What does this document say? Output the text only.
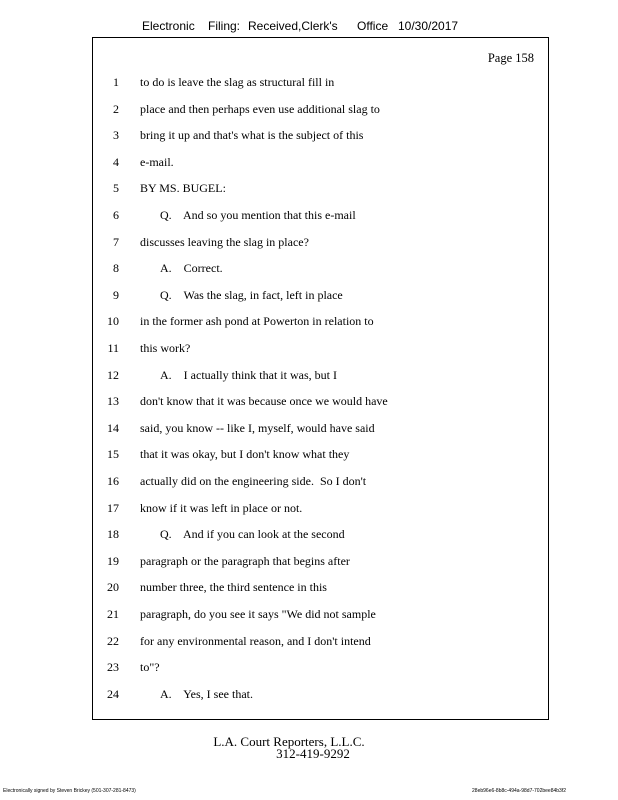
Electronic Filing: Received,Clerk's Office 10/30/2017
Page 158
1 to do is leave the slag as structural fill in
2 place and then perhaps even use additional slag to
3 bring it up and that's what is the subject of this
4 e-mail.
5 BY MS. BUGEL:
6	Q.    And so you mention that this e-mail
7 discusses leaving the slag in place?
8	A.    Correct.
9	Q.    Was the slag, in fact, left in place
10 in the former ash pond at Powerton in relation to
11 this work?
12	A.    I actually think that it was, but I
13 don't know that it was because once we would have
14 said, you know -- like I, myself, would have said
15 that it was okay, but I don't know what they
16 actually did on the engineering side.  So I don't
17 know if it was left in place or not.
18	Q.    And if you can look at the second
19 paragraph or the paragraph that begins after
20 number three, the third sentence in this
21 paragraph, do you see it says "We did not sample
22 for any environmental reason, and I don't intend
23 to"?
24	A.    Yes, I see that.
L.A. Court Reporters, L.L.C.
312-419-9292
Electronically signed by Steven Brickey (501-307-281-8473)	28eb96e6-8b8c-494a-98d7-702bee84b3f2
